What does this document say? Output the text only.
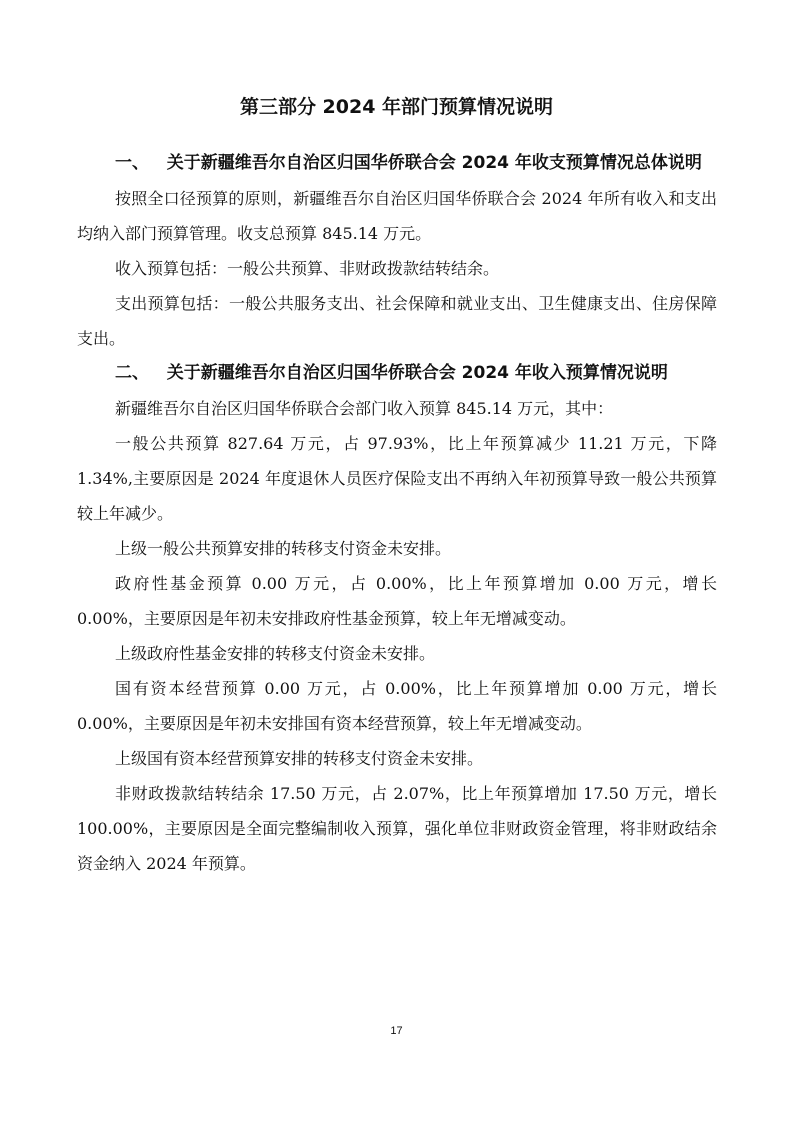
第三部分 2024 年部门预算情况说明

一、 关于新疆维吾尔自治区归国华侨联合会 2024 年收支预算情况总体说明

按照全口径预算的原则，新疆维吾尔自治区归国华侨联合会 2024 年所有收入和支出均纳入部门预算管理。收支总预算 845.14 万元。

收入预算包括：一般公共预算、非财政拨款结转结余。

支出预算包括：一般公共服务支出、社会保障和就业支出、卫生健康支出、住房保障支出。

二、 关于新疆维吾尔自治区归国华侨联合会 2024 年收入预算情况说明

新疆维吾尔自治区归国华侨联合会部门收入预算 845.14 万元，其中：

一般公共预算 827.64 万元，占 97.93%，比上年预算减少 11.21 万元，下降 1.34%,主要原因是 2024 年度退休人员医疗保险支出不再纳入年初预算导致一般公共预算较上年减少。

上级一般公共预算安排的转移支付资金未安排。

政府性基金预算 0.00 万元，占 0.00%，比上年预算增加 0.00 万元，增长 0.00%，主要原因是年初未安排政府性基金预算，较上年无增减变动。

上级政府性基金安排的转移支付资金未安排。

国有资本经营预算 0.00 万元，占 0.00%，比上年预算增加 0.00 万元，增长 0.00%，主要原因是年初未安排国有资本经营预算，较上年无增减变动。

上级国有资本经营预算安排的转移支付资金未安排。

非财政拨款结转结余 17.50 万元，占 2.07%，比上年预算增加 17.50 万元，增长 100.00%，主要原因是全面完整编制收入预算，强化单位非财政资金管理，将非财政结余资金纳入 2024 年预算。

17
